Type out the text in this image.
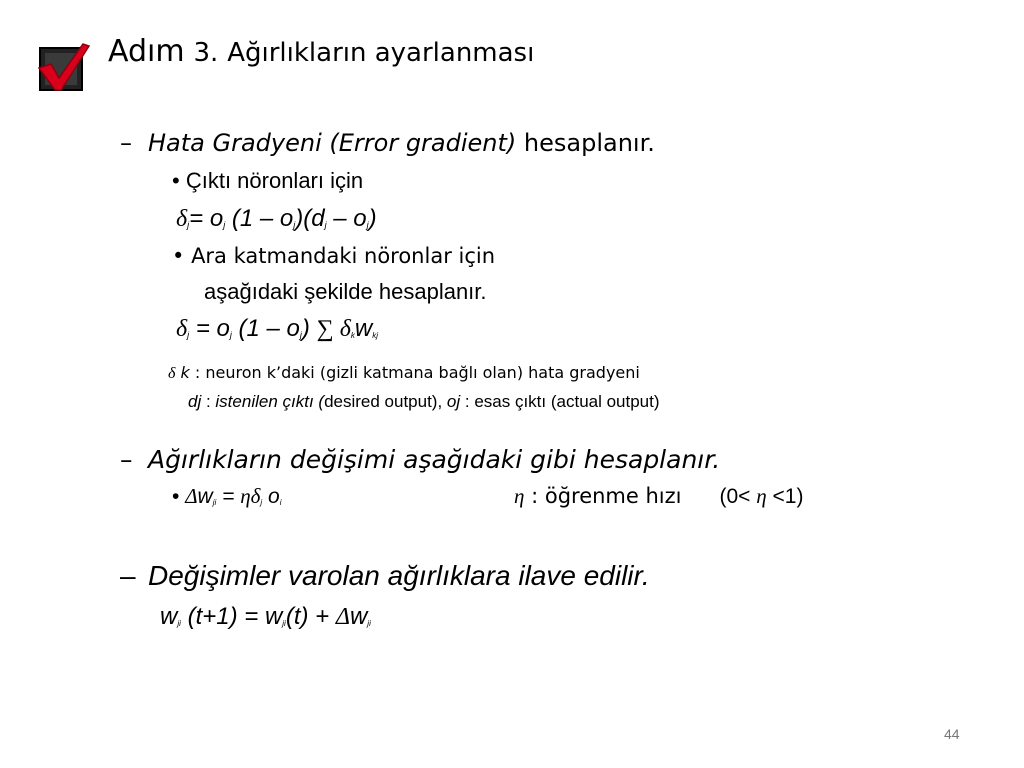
Adım 3. Ağırlıkların ayarlanması
– Hata Gradyeni (Error gradient) hesaplanır.
• Çıktı nöronları için
$\delta_j= o_j$ $(1 - o_j)(d_j - o_j)$
• Ara katmandaki nöronlar için
aşağıdaki şekilde hesaplanır.
$\delta_j = o_j$ $(1 - o_j)$ ∑ $\delta_kw_{kj}$
δ k : neuron k’daki (gizli katmana bağlı olan) hata gradyeni
dj : istenilen çıktı (desired output), oj : esas çıktı (actual output)
– Ağırlıkların değişimi aşağıdaki gibi hesaplanır.
• $\Delta w_{ji} = \eta\delta_j$ $o_i$	η : öğrenme hızı (0< η <1)
– Değişimler varolan ağırlıklara ilave edilir.
$w_{ji}$ $(t+1) = w_{ji}(t) + \Delta w_{ji}$
44
